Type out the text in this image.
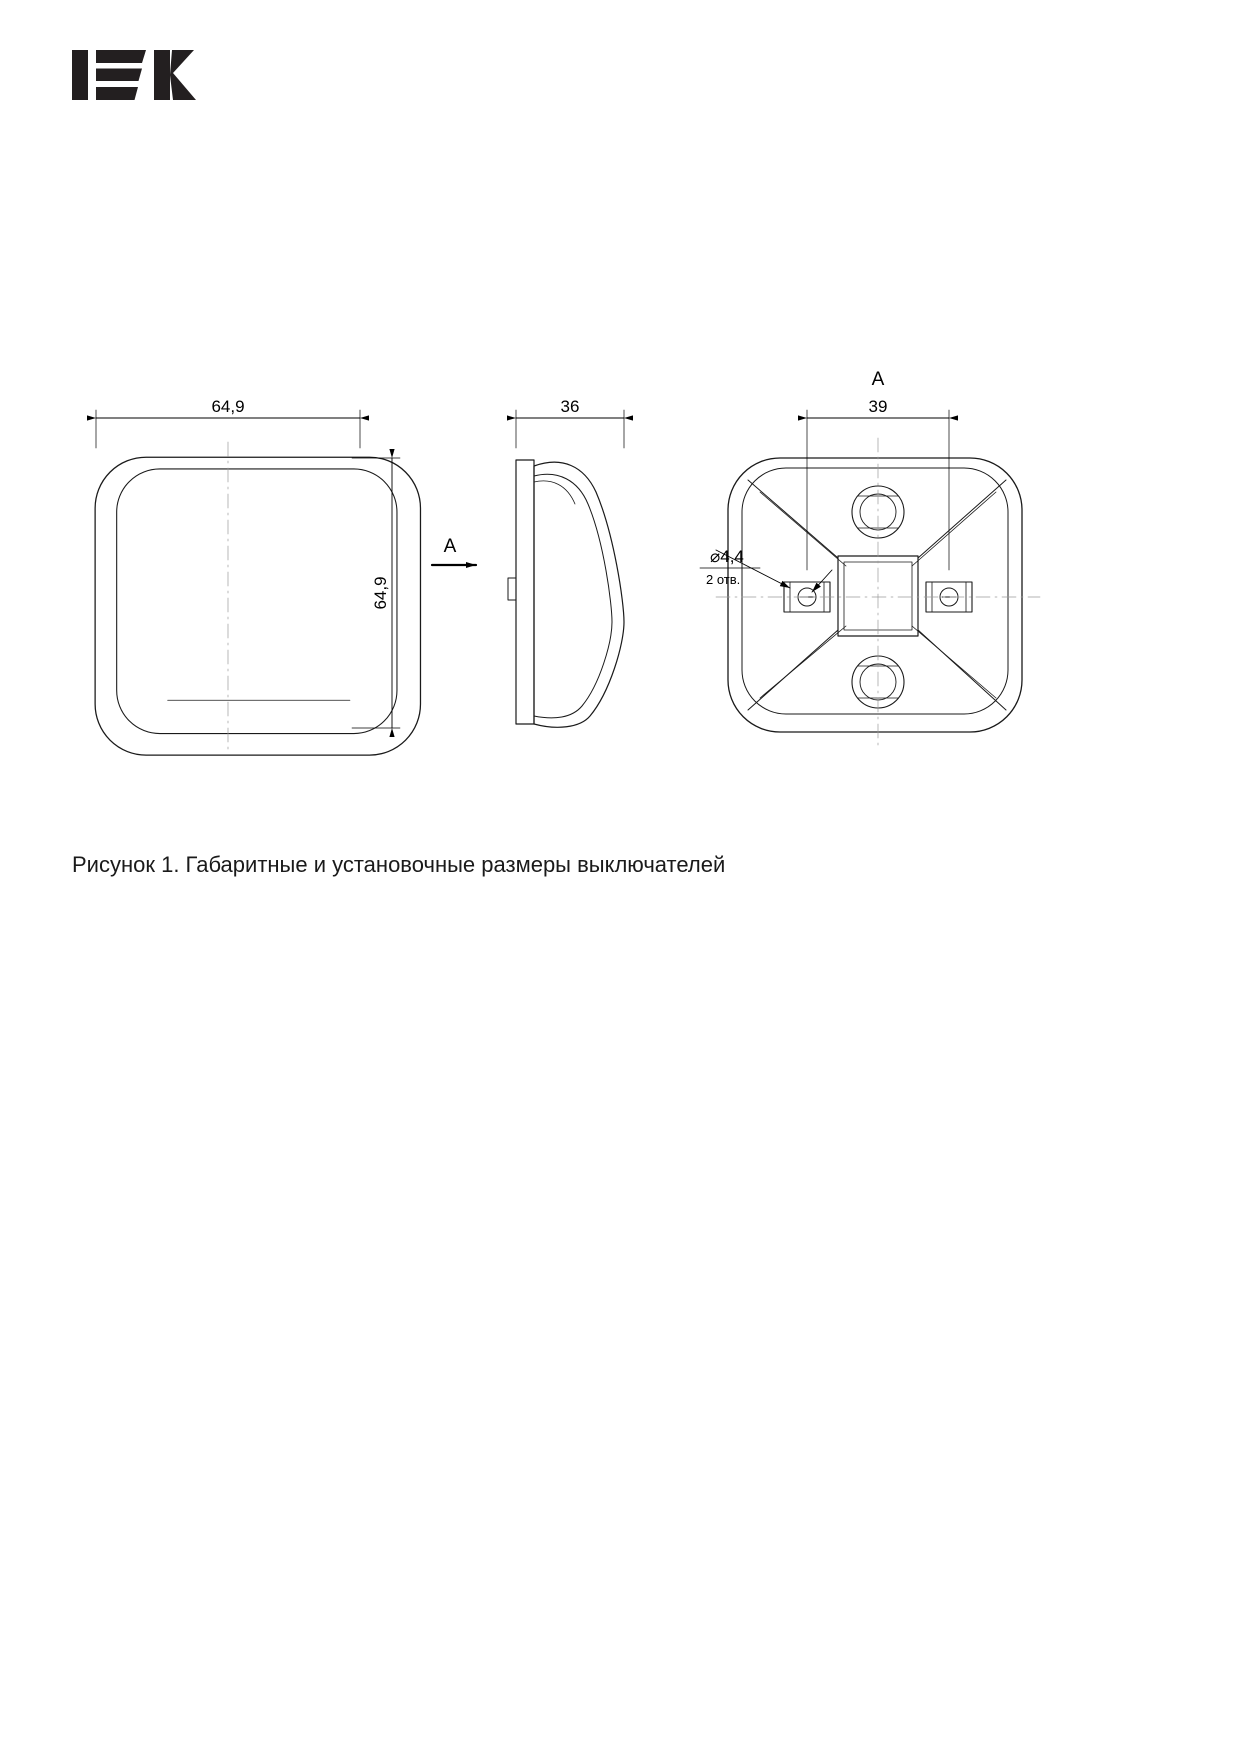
64,9
64,9
36
A
39
A
⌀4,4
2 отв.
Рисунок 1. Габаритные и установочные размеры выключателей
